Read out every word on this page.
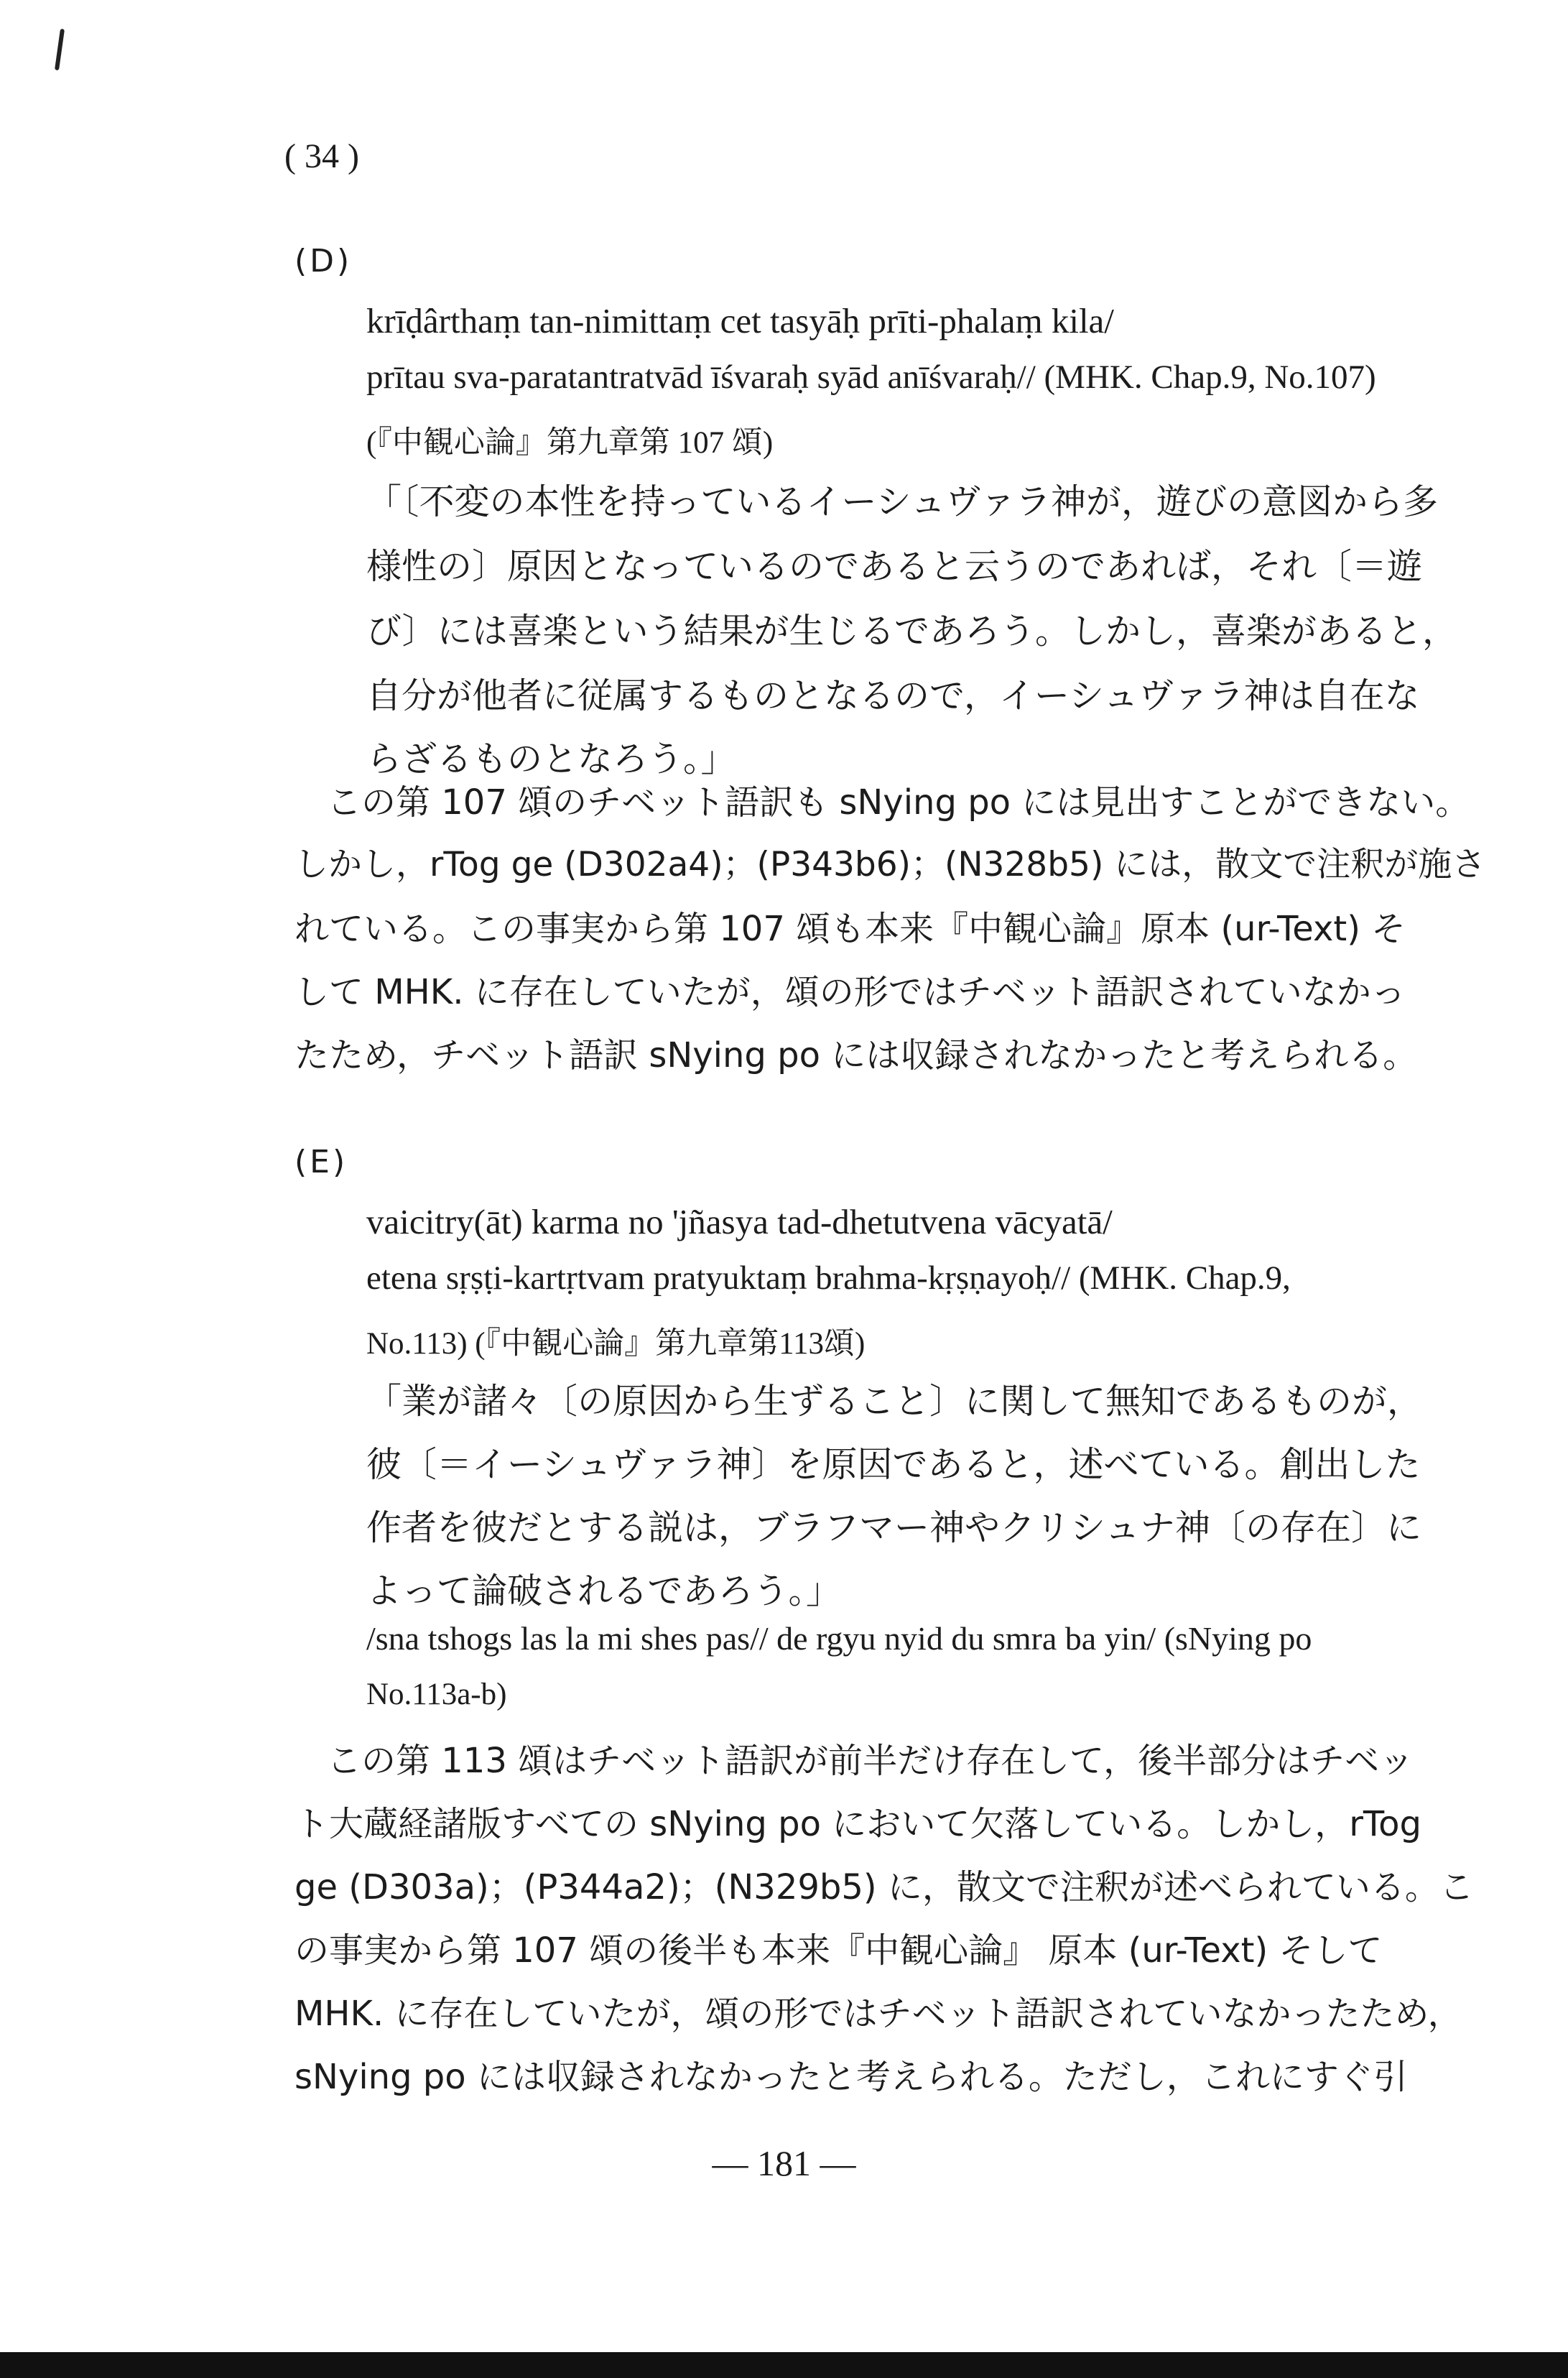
( 34 )
(D)
krīḍârthaṃ tan-nimittaṃ cet tasyāḥ prīti-phalaṃ kila/
prītau sva-paratantratvād īśvaraḥ syād anīśvaraḥ// (MHK. Chap.9, No.107)
(『中観心論』第九章第 107 頌)
「〔不変の本性を持っているイーシュヴァラ神が，遊びの意図から多
様性の〕原因となっているのであると云うのであれば，それ〔＝遊
び〕には喜楽という結果が生じるであろう。しかし，喜楽があると，
自分が他者に従属するものとなるので，イーシュヴァラ神は自在な
らざるものとなろう。」
この第 107 頌のチベット語訳も sNying po には見出すことができない。
しかし，rTog ge (D302a4)；(P343b6)；(N328b5) には，散文で注釈が施さ
れている。この事実から第 107 頌も本来『中観心論』原本 (ur-Text) そ
して MHK. に存在していたが，頌の形ではチベット語訳されていなかっ
たため，チベット語訳 sNying po には収録されなかったと考えられる。
(E)
vaicitry(āt) karma no 'jñasya tad-dhetutvena vācyatā/
etena sṛṣṭi-kartṛtvam pratyuktaṃ brahma-kṛṣṇayoḥ// (MHK. Chap.9,
No.113) (『中観心論』第九章第113頌)
「業が諸々〔の原因から生ずること〕に関して無知であるものが，
彼〔＝イーシュヴァラ神〕を原因であると，述べている。創出した
作者を彼だとする説は，ブラフマー神やクリシュナ神〔の存在〕に
よって論破されるであろう。」
/sna tshogs las la mi shes pas// de rgyu nyid du smra ba yin/ (sNying po
No.113a-b)
この第 113 頌はチベット語訳が前半だけ存在して，後半部分はチベッ
ト大蔵経諸版すべての sNying po において欠落している。しかし，rTog
ge (D303a)；(P344a2)；(N329b5) に，散文で注釈が述べられている。こ
の事実から第 107 頌の後半も本来『中観心論』 原本 (ur-Text) そして
MHK. に存在していたが，頌の形ではチベット語訳されていなかったため，
sNying po には収録されなかったと考えられる。ただし，これにすぐ引
— 181 —
